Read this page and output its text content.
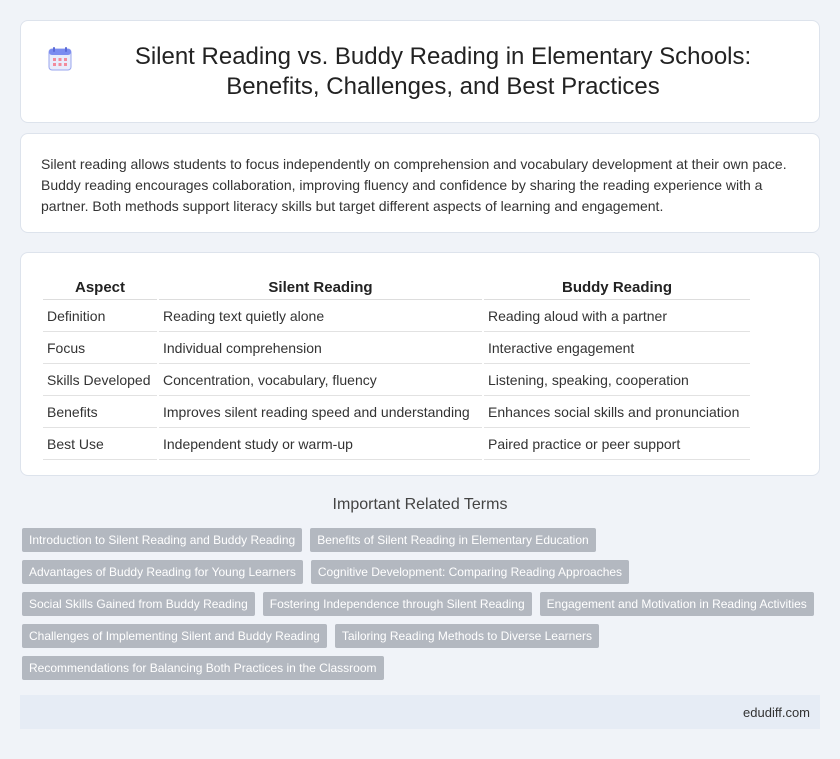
Silent Reading vs. Buddy Reading in Elementary Schools: Benefits, Challenges, and Best Practices

Silent reading allows students to focus independently on comprehension and vocabulary development at their own pace. Buddy reading encourages collaboration, improving fluency and confidence by sharing the reading experience with a partner. Both methods support literacy skills but target different aspects of learning and engagement.

Aspect	Silent Reading	Buddy Reading
Definition	Reading text quietly alone	Reading aloud with a partner
Focus	Individual comprehension	Interactive engagement
Skills Developed	Concentration, vocabulary, fluency	Listening, speaking, cooperation
Benefits	Improves silent reading speed and understanding	Enhances social skills and pronunciation
Best Use	Independent study or warm-up	Paired practice or peer support
Important Related Terms
Introduction to Silent Reading and Buddy Reading	Benefits of Silent Reading in Elementary Education
Advantages of Buddy Reading for Young Learners	Cognitive Development: Comparing Reading Approaches
Social Skills Gained from Buddy Reading	Fostering Independence through Silent Reading	Engagement and Motivation in Reading Activities
Challenges of Implementing Silent and Buddy Reading	Tailoring Reading Methods to Diverse Learners
Recommendations for Balancing Both Practices in the Classroom
edudiff.com
